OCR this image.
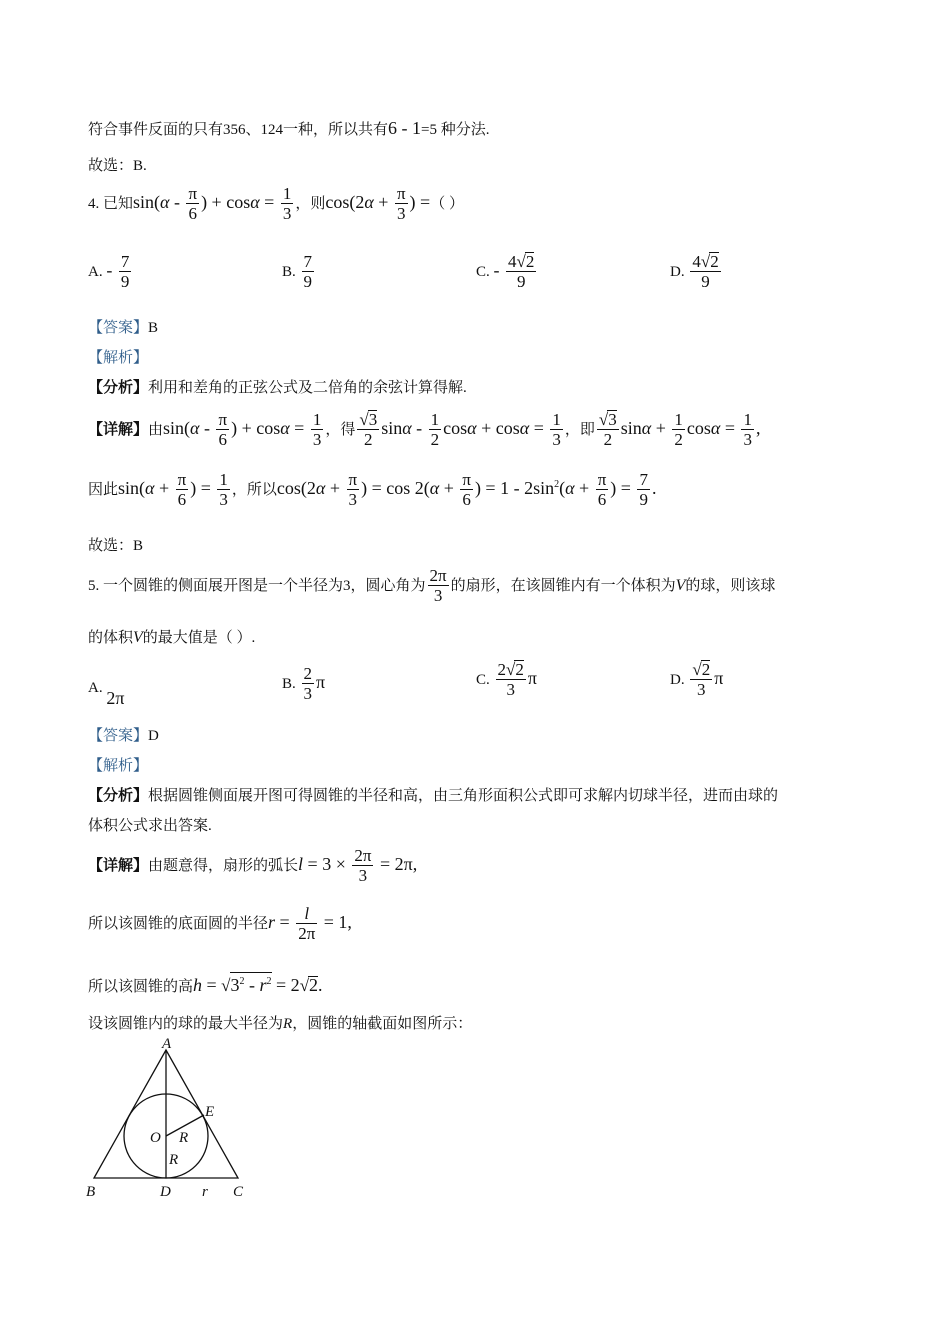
符合事件反面的只有356、124一种，所以共有6 - 1=5 种分法.
故选：B.
4. 已知$\sin(\alpha - \frac{\pi}{6}$ ) + $\cos\alpha = \frac{1}{3}$ ，则$\cos(2\alpha + \frac{\pi}{3}$ ) =（ ）
A. - $\frac{7}{9}$	B. $\frac{7}{9}$	C. - $\frac{4√2}{9}$	D. $\frac{4√2}{9}$
【答案】B
【解析】
【分析】利用和差角的正弦公式及二倍角的余弦计算得解.
【详解】由$\sin(\alpha - \frac{\pi}{6}$ ) + $\cos\alpha = \frac{1}{3}$ ，得 $\frac{√3}{2}$ sinα - $\frac{1}{2}$ $\cos\alpha + \cos\alpha = \frac{1}{3}$ ，即 $\frac{√3}{2}$ $\sin\alpha + \frac{1}{2}$ $\cos\alpha = \frac{1}{3}$ ,
因此$\sin(\alpha + \frac{\pi}{6}$ ) = $\frac{1}{3}$ ，所以$\cos(2\alpha + \frac{\pi}{3}$ ) = $\cos 2(\alpha + \frac{\pi}{6}$ ) = $1 - 2\sin^2(\alpha + \frac{\pi}{6}$ ) = $\frac{7}{9}$ .
故选：B
5. 一个圆锥的侧面展开图是一个半径为3，圆心角为 $\frac{2\pi}{3}$ 的扇形，在该圆锥内有一个体积为V的球，则该球
的体积V的最大值是（ ）.
A. 2π
B. $\frac{2}{3}$ π	C. $\frac{2√2}{3}$ π	D. $\frac{√2}{3}$ π
【答案】D
【解析】
【分析】根据圆锥侧面展开图可得圆锥的半径和高，由三角形面积公式即可求解内切球半径，进而由球的
体积公式求出答案.
【详解】由题意得，扇形的弧长$l = 3 \times \frac{2\pi}{3} = 2\pi$,
所以该圆锥的底面圆的半径$r = \frac{l}{2\pi} = 1$,
所以该圆锥的高$h = √3^2 - r^2 = 2√2$.
设该圆锥内的球的最大半径为R，圆锥的轴截面如图所示：
A
B	C
D
E
O R
R
r
